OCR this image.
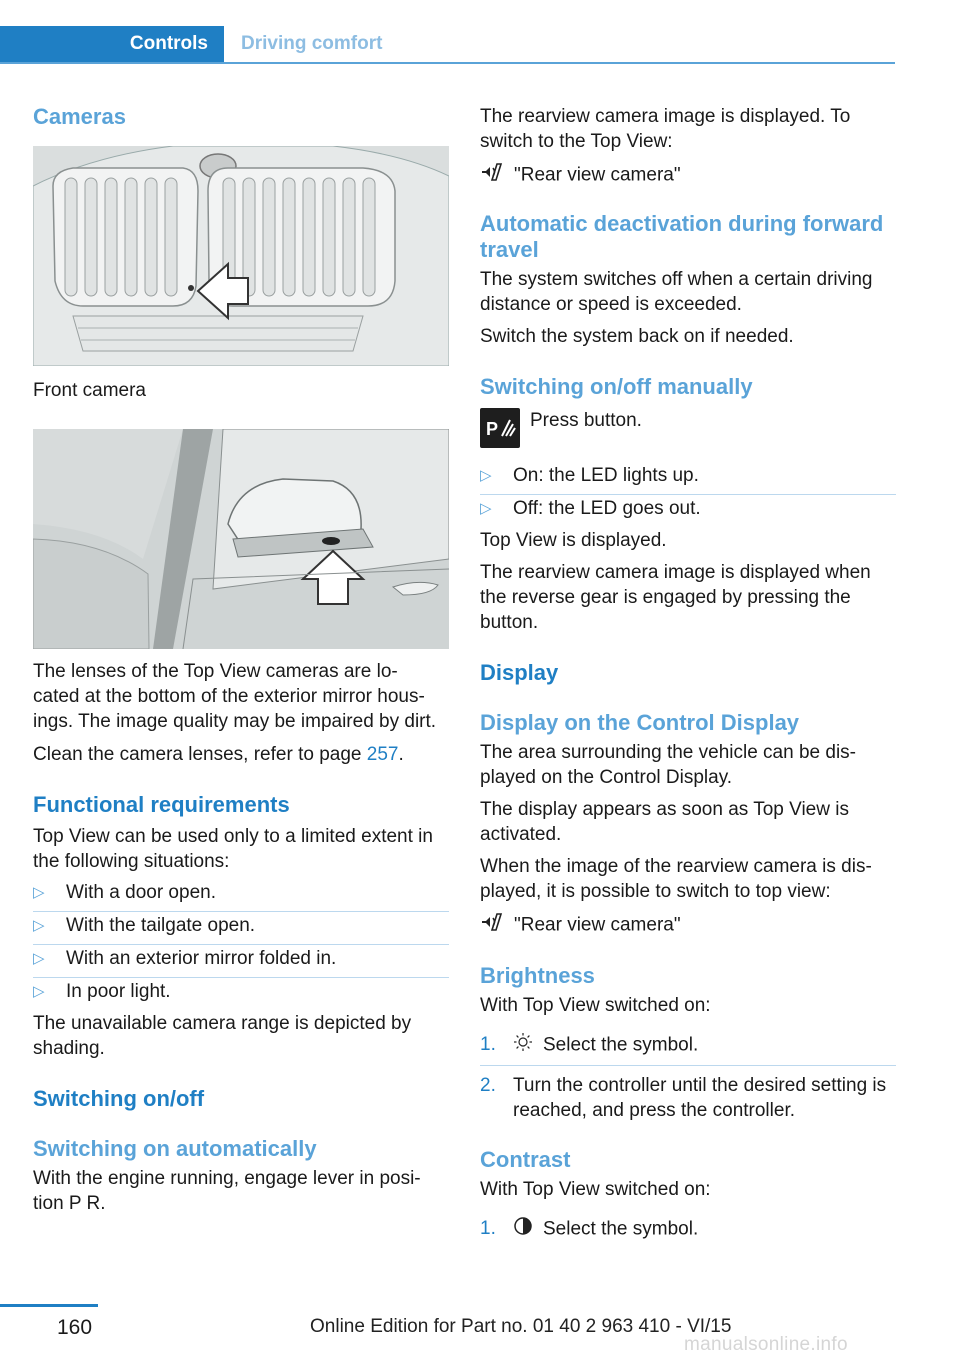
Controls	Driving comfort
Cameras
Front camera
The lenses of the Top View cameras are lo‐ cated at the bottom of the exterior mirror hous‐ ings. The image quality may be impaired by dirt.
Clean the camera lenses, refer to page 257.
Functional requirements
Top View can be used only to a limited extent in the following situations:
▷ With a door open.
▷ With the tailgate open.
▷ With an exterior mirror folded in.
▷ In poor light.
The unavailable camera range is depicted by shading.
Switching on/off
Switching on automatically
With the engine running, engage lever in posi‐ tion P R.
The rearview camera image is displayed. To switch to the Top View:
"Rear view camera"
Automatic deactivation during forward travel
The system switches off when a certain driving distance or speed is exceeded.
Switch the system back on if needed.
Switching on/off manually
P Press button.
▷ On: the LED lights up.
▷ Off: the LED goes out.
Top View is displayed.
The rearview camera image is displayed when the reverse gear is engaged by pressing the button.
Display
Display on the Control Display
The area surrounding the vehicle can be dis‐ played on the Control Display.
The display appears as soon as Top View is activated.
When the image of the rearview camera is dis‐ played, it is possible to switch to top view:
"Rear view camera"
Brightness
With Top View switched on:
1. Select the symbol.
2. Turn the controller until the desired setting is reached, and press the controller.
Contrast
With Top View switched on:
1. Select the symbol.
160	Online Edition for Part no. 01 40 2 963 410 - VI/15
manualsonline.info
